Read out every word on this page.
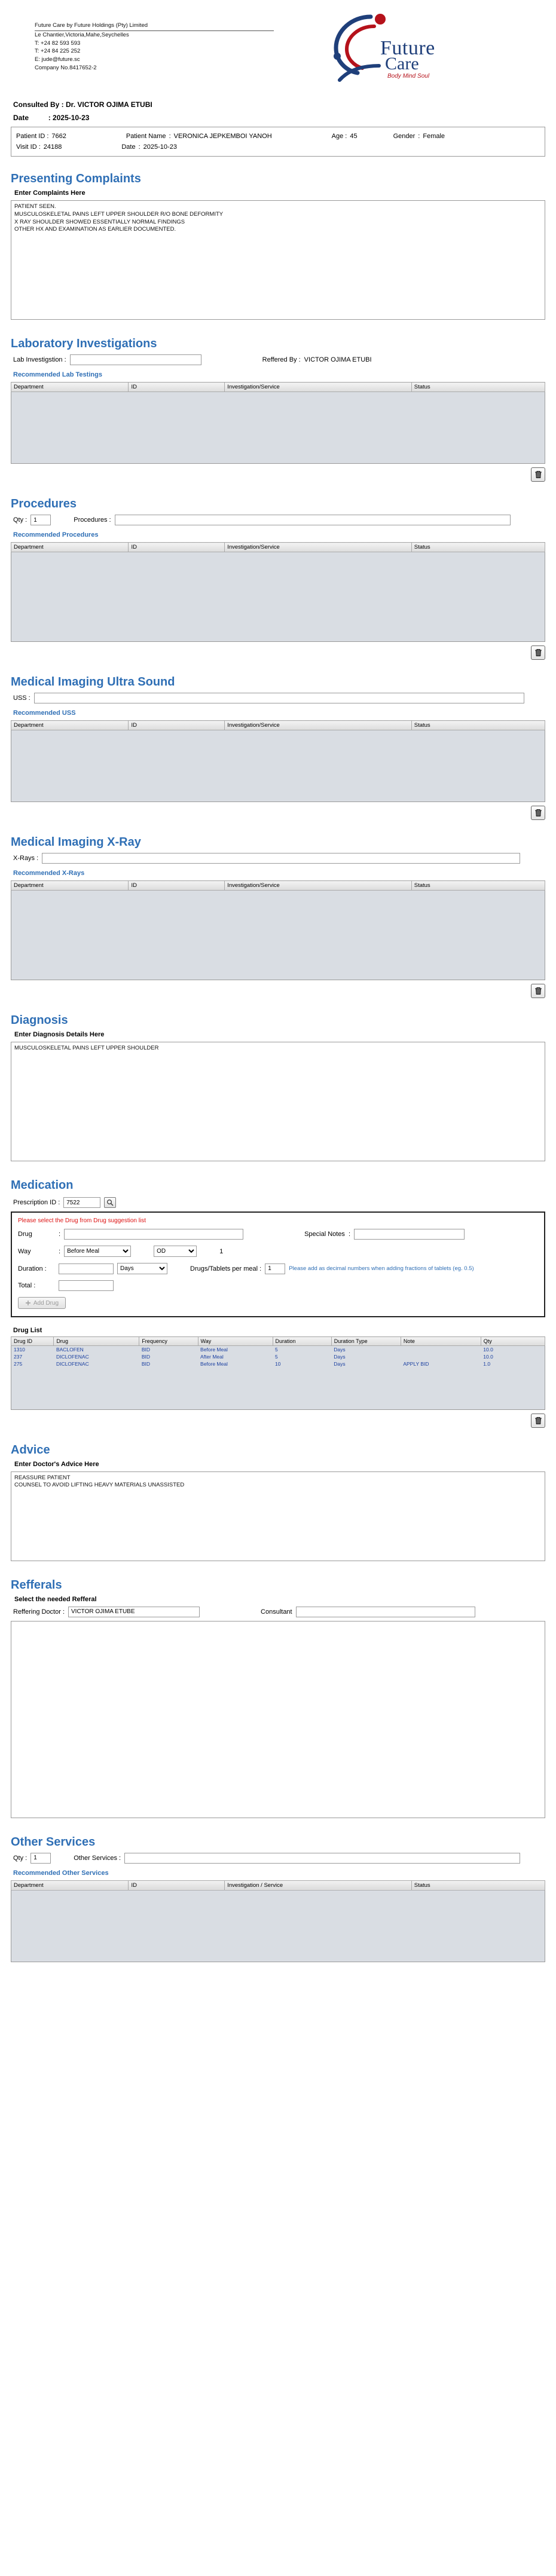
Future Care by Future Holdings (Pty) Limited
Le Chantier,Victoria,Mahe,Seychelles
T: +24 82 593 593
T: +24 84 225 252
E: jude@future.sc
Company No.8417652-2
Future
Care
Body Mind Soul
Consulted By : Dr. VICTOR OJIMA ETUBI
Date	: 2025-10-23
Patient ID : 7662	Patient Name : VERONICA JEPKEMBOI YANOH	Age : 45	Gender : Female
Visit ID : 24188	Date : 2025-10-23
Presenting Complaints
Enter Complaints Here
PATIENT SEEN. MUSCULOSKELETAL PAINS LEFT UPPER SHOULDER R/O BONE DEFORMITY X RAY SHOULDER SHOWED ESSENTIALLY NORMAL FINDINGS OTHER HX AND EXAMINATION AS EARLIER DOCUMENTED.
Laboratory Investigations
Lab Investigstion :	Reffered By : VICTOR OJIMA ETUBI
Recommended Lab Testings
Department	ID	Investigation/Service	Status
Procedures
Qty :
1	Procedures :
Recommended Procedures
Department	ID	Investigation/Service	Status
Medical Imaging Ultra Sound
USS :
Recommended USS
Department	ID	Investigation/Service	Status
Medical Imaging X-Ray
X-Rays :
Recommended X-Rays
Department	ID	Investigation/Service	Status
Diagnosis
Enter Diagnosis Details Here
MUSCULOSKELETAL PAINS LEFT UPPER SHOULDER
Medication
Prescription ID :
7522
Please select the Drug from Drug suggestion list
Drug	:	Special Notes :
Way	:
Before Meal
OD	1
Duration :
Days	Drugs/Tablets per meal :
1	Please add as decimal numbers when adding fractions of tablets (eg. 0.5)
Total :
Add Drug
Drug List
Drug ID	Drug	Frequency	Way	Duration	Duration Type	Note	Qty
1310	BACLOFEN	BID	Before Meal	5	Days		10.0
237	DICLOFENAC	BID	After Meal	5	Days		10.0
275	DICLOFENAC	BID	Before Meal	10	Days	APPLY BID	1.0

Advice
Enter Doctor's Advice Here
REASSURE PATIENT COUNSEL TO AVOID LIFTING HEAVY MATERIALS UNASSISTED
Refferals
Select the needed Refferal
Reffering Doctor :
VICTOR OJIMA ETUBE	Consultant
Other Services
Qty :
1	Other Services :
Recommended Other Services
Department	ID	Investigation / Service	Status
